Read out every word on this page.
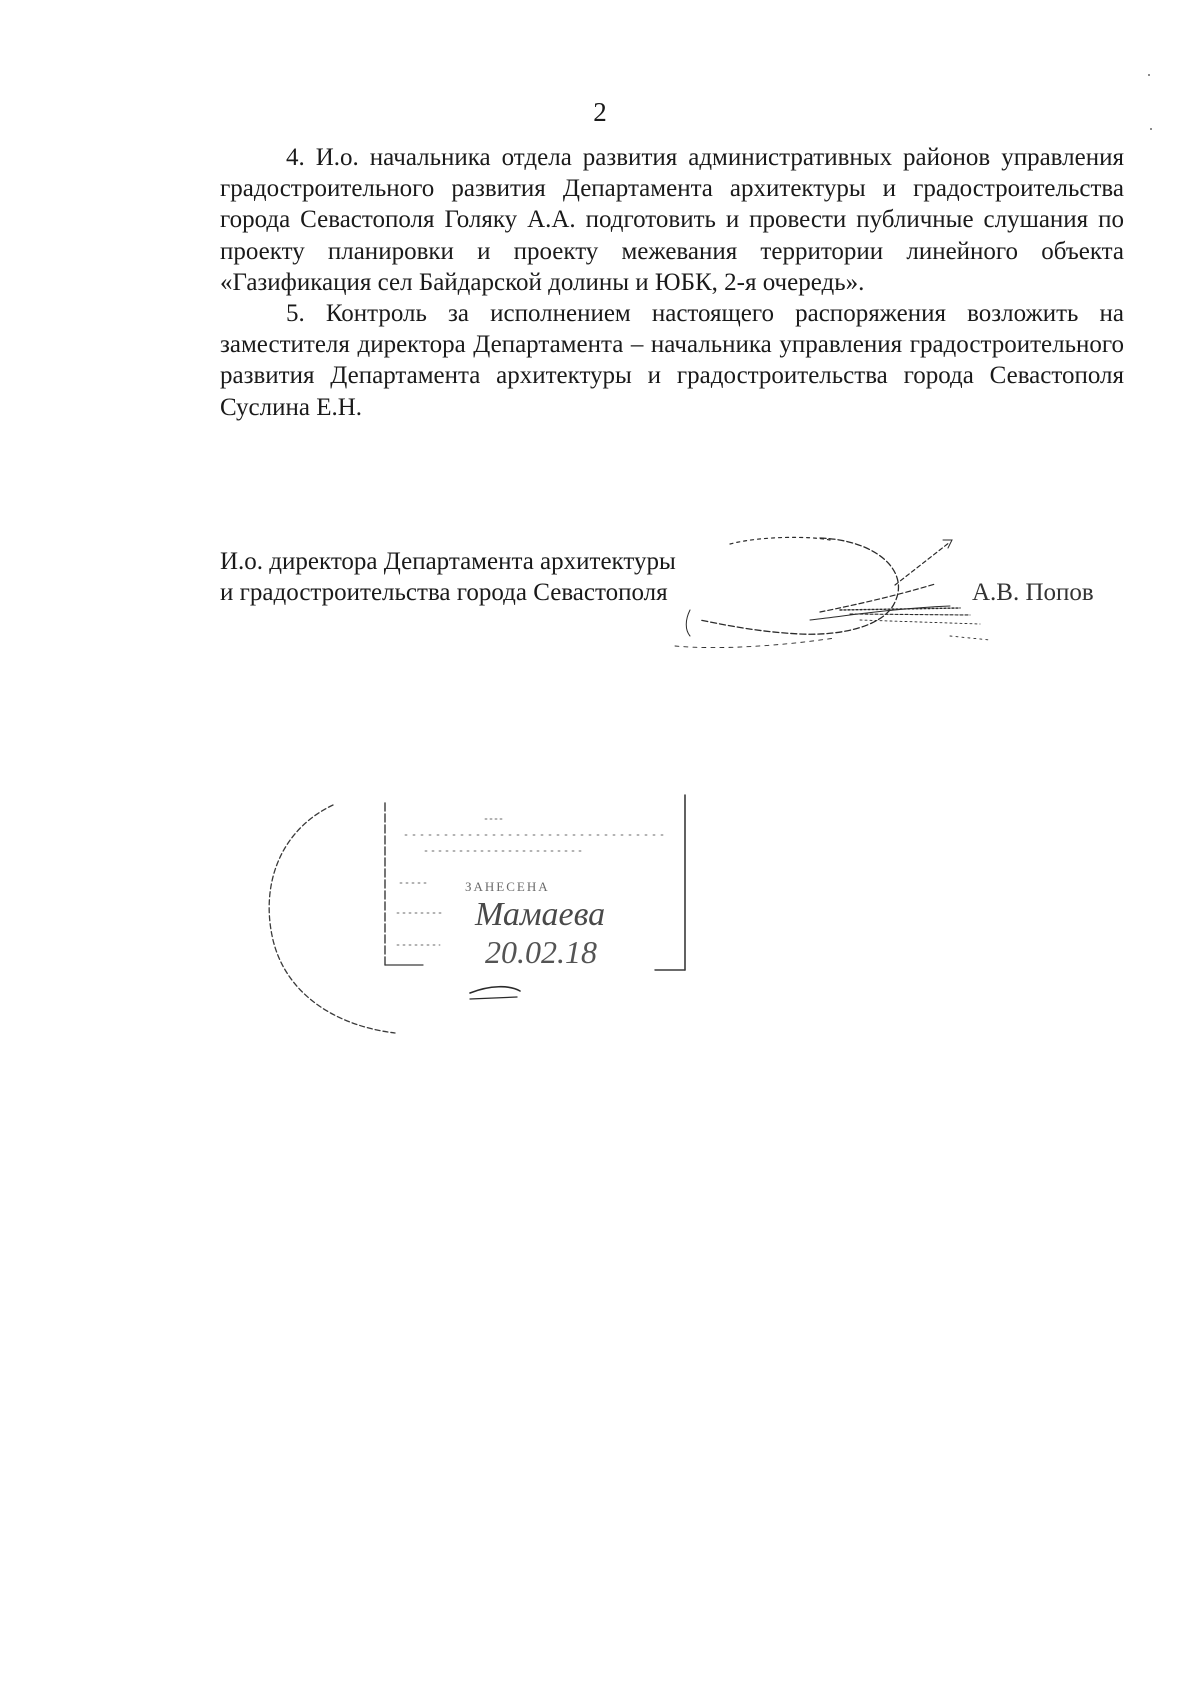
2

4. И.о. начальника отдела развития административных районов управления градостроительного развития Департамента архитектуры и градостроительства города Севастополя Голяку А.А. подготовить и провести публичные слушания по проекту планировки и проекту межевания территории линейного объекта «Газификация сел Байдарской долины и ЮБК, 2-я очередь».

5. Контроль за исполнением настоящего распоряжения возложить на заместителя директора Департамента – начальника управления градостроительного развития Департамента архитектуры и градостроительства города Севастополя Суслина Е.Н.

И.о. директора Департамента архитектуры
и градостроительства города Севастополя	А.В. Попов
ЗАНЕСЕНА
Мамаева
20.02.18
